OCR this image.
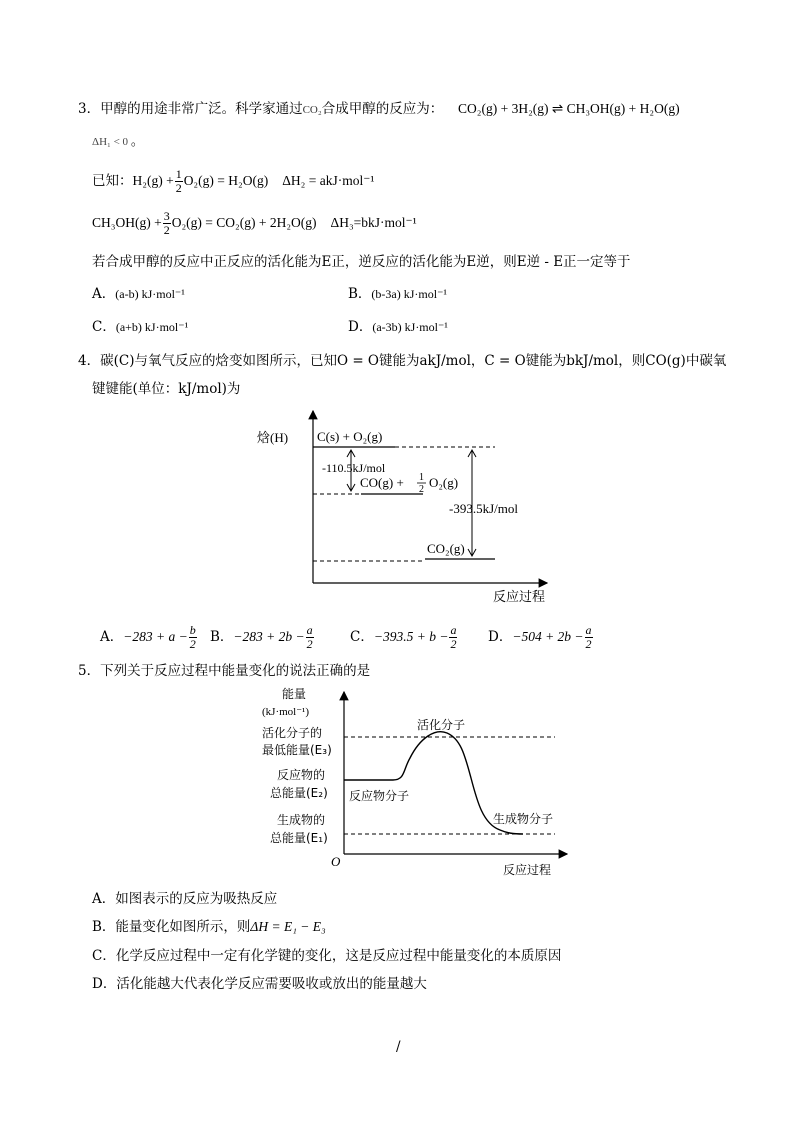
3．甲醇的用途非常广泛。科学家通过CO₂合成甲醇的反应为： CO₂(g) + 3H₂(g) ⇌ CH₃OH(g) + H₂O(g)
ΔH₁ < 0 。
已知：$H_2(g) + \frac{1}{2} O_2(g) = H_2O(g) \Delta H_2 = akJ\cdot mol^{-1}$
$CH_3OH(g) + \frac{3}{2} O_2(g) = CO_2(g) + 2H_2O(g)$ ΔH₃=bkJ·mol⁻¹
若合成甲醇的反应中正反应的活化能为E正，逆反应的活化能为E逆，则E逆 - E正一定等于
A．(a-b) kJ·mol⁻¹	B．(b-3a) kJ·mol⁻¹
C．(a+b) kJ·mol⁻¹	D．(a-3b) kJ·mol⁻¹
4．碳(C)与氧气反应的焓变如图所示，已知O = O键能为akJ/mol，C = O键能为bkJ/mol，则CO(g)中碳氧
键键能(单位：kJ/mol)为
焓(H)
反应过程
C(s) + O₂(g)
CO(g) + 1
2 O₂(g)
CO₂(g)
-110.5kJ/mol
-393.5kJ/mol
A．$-283 + a - \frac{b}{2}$ B．$-283 + 2b - \frac{a}{2}$	C．$-393.5 + b - \frac{a}{2}$ D．$-504 + 2b - \frac{a}{2}$
5．下列关于反应过程中能量变化的说法正确的是
能量
(kJ·mol⁻¹)
活化分子的
最低能量(E₃)
反应物的
总能量(E₂)
生成物的
总能量(E₁)
活化分子
反应物分子
生成物分子
反应过程
O
A．如图表示的反应为吸热反应
B．能量变化如图所示，则ΔH = E₁ − E₃
C．化学反应过程中一定有化学键的变化，这是反应过程中能量变化的本质原因
D．活化能越大代表化学反应需要吸收或放出的能量越大
/
